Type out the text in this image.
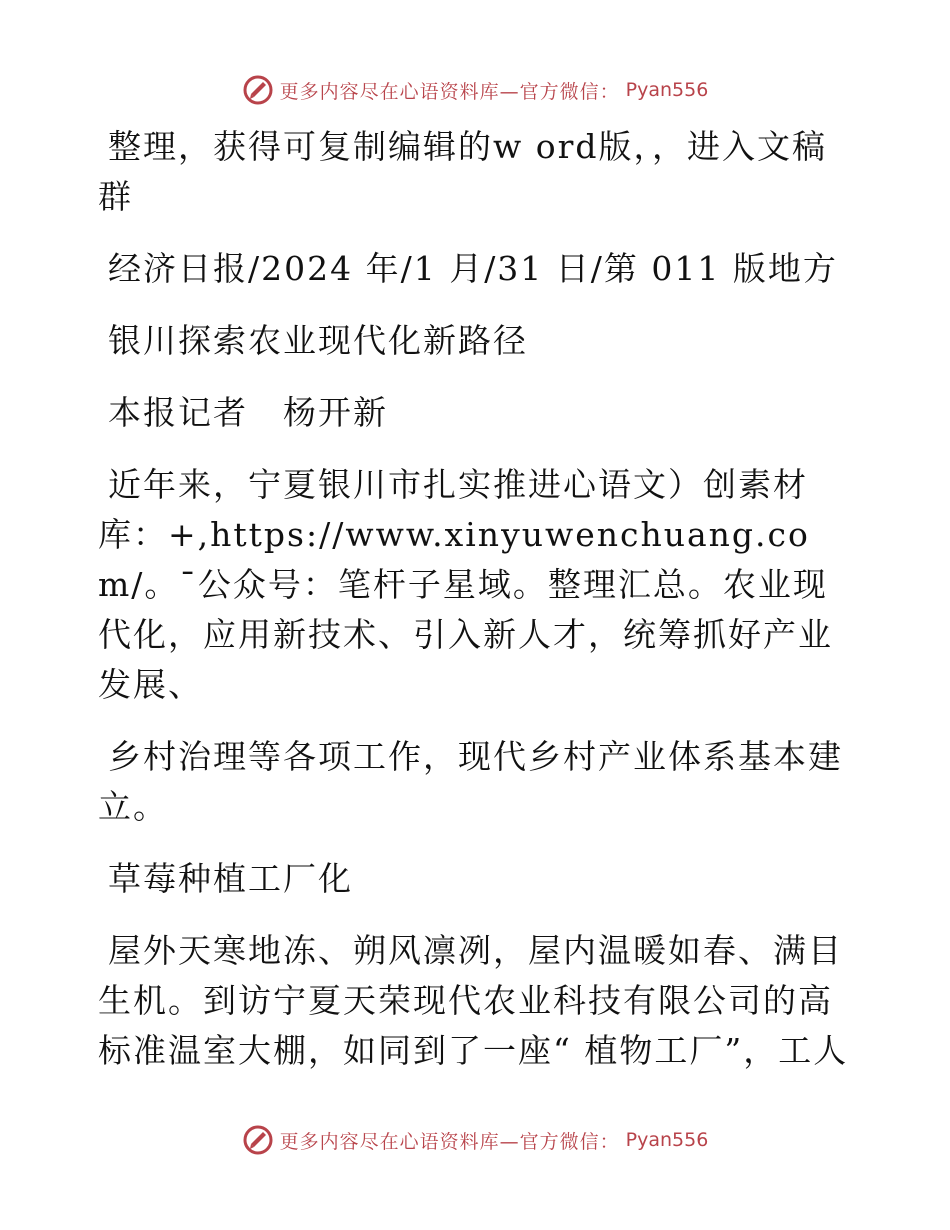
更多内容尽在心语资料库—官方微信： Pyan556

整理，获得可复制编辑的w ord版，，进入文稿群

经济日报/2024 年/1 月/31 日/第 011 版地方

银川探索农业现代化新路径

本报记者　杨开新

近年来，宁夏银川市扎实推进心语文）创素材库：+,https://www.xinyuwenchuang.com/。¯公众号：笔杆子星域。整理汇总。农业现代化，应用新技术、引入新人才，统筹抓好产业发展、

乡村治理等各项工作，现代乡村产业体系基本建立。

草莓种植工厂化

屋外天寒地冻、朔风凛冽，屋内温暖如春、满目生机。到访宁夏天荣现代农业科技有限公司的高标准温室大棚，如同到了一座“ 植物工厂”，工人

更多内容尽在心语资料库—官方微信： Pyan556
